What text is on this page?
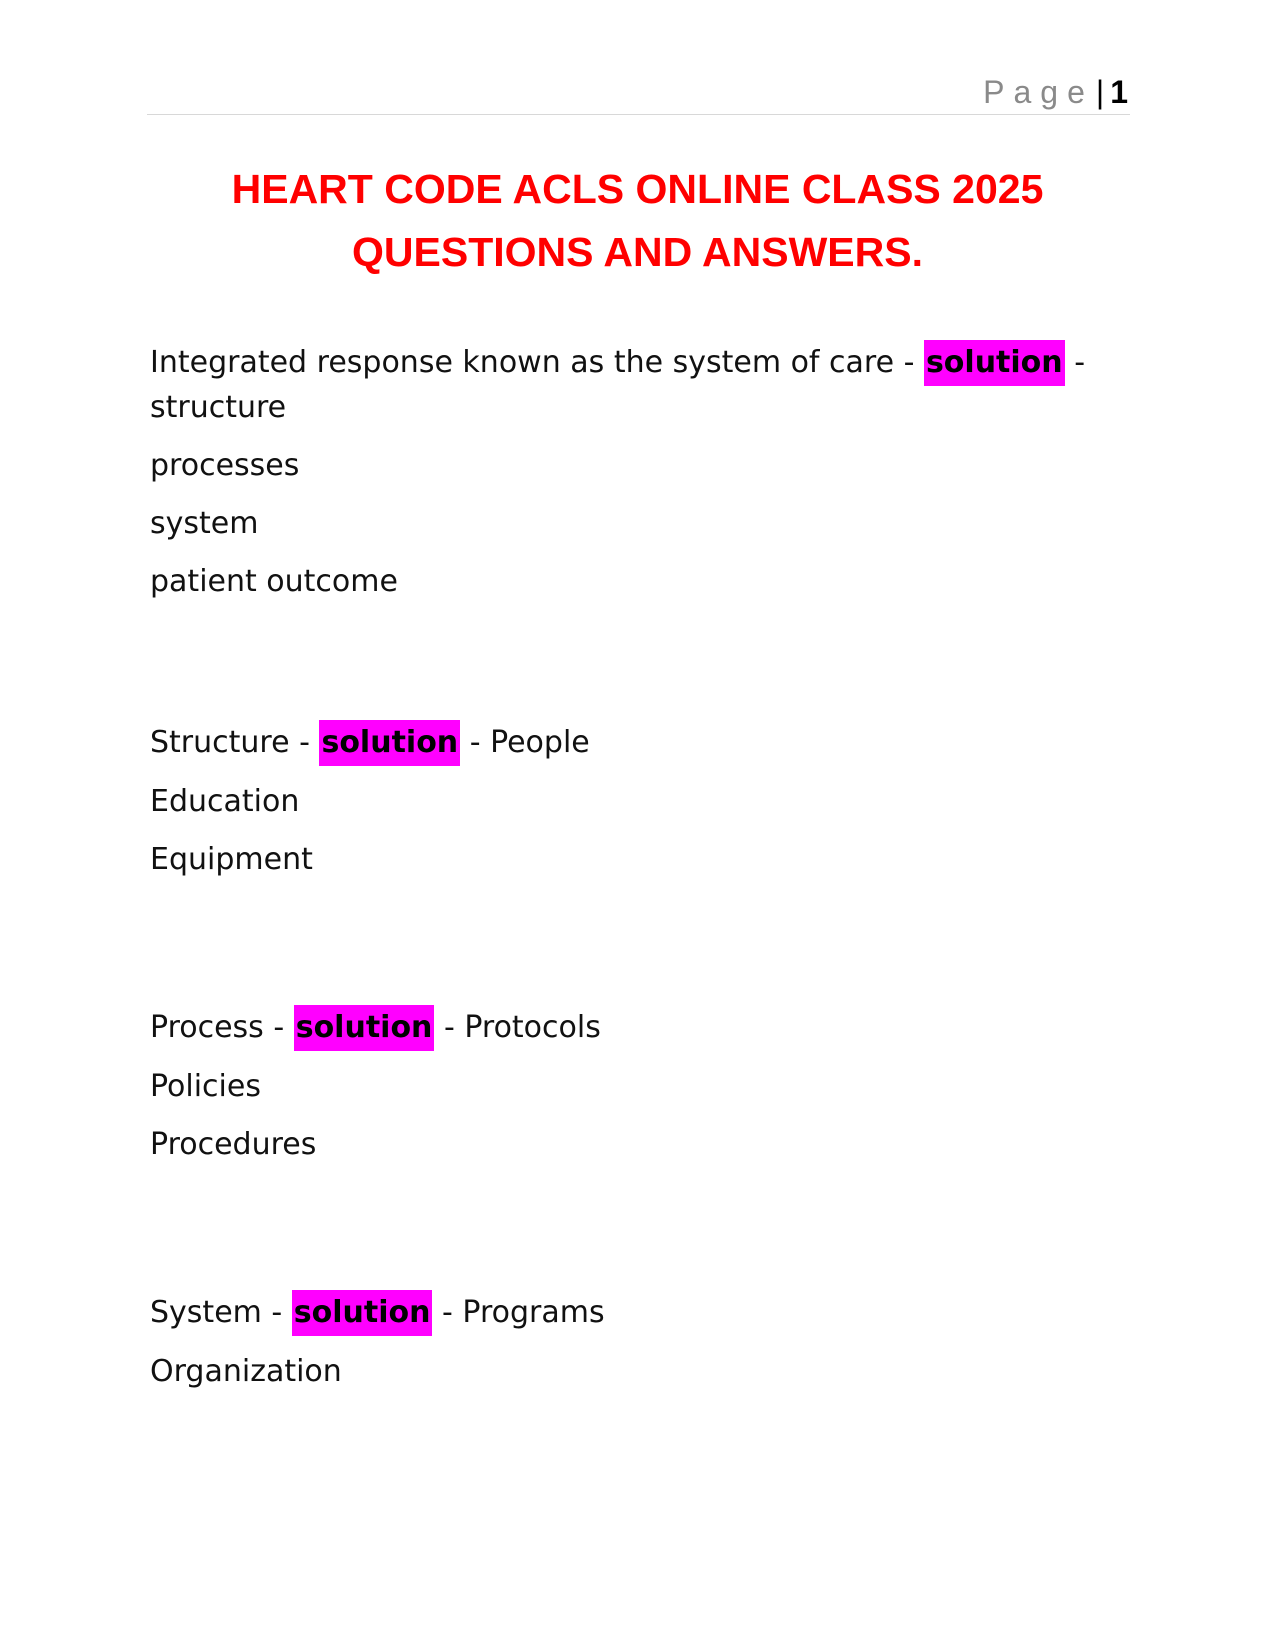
Page| 1
HEART CODE ACLS ONLINE CLASS 2025
QUESTIONS AND ANSWERS.
Integrated response known as the system of care - solution -
structure
processes
system
patient outcome
Structure - solution - People
Education
Equipment
Process - solution - Protocols
Policies
Procedures
System - solution - Programs
Organization
